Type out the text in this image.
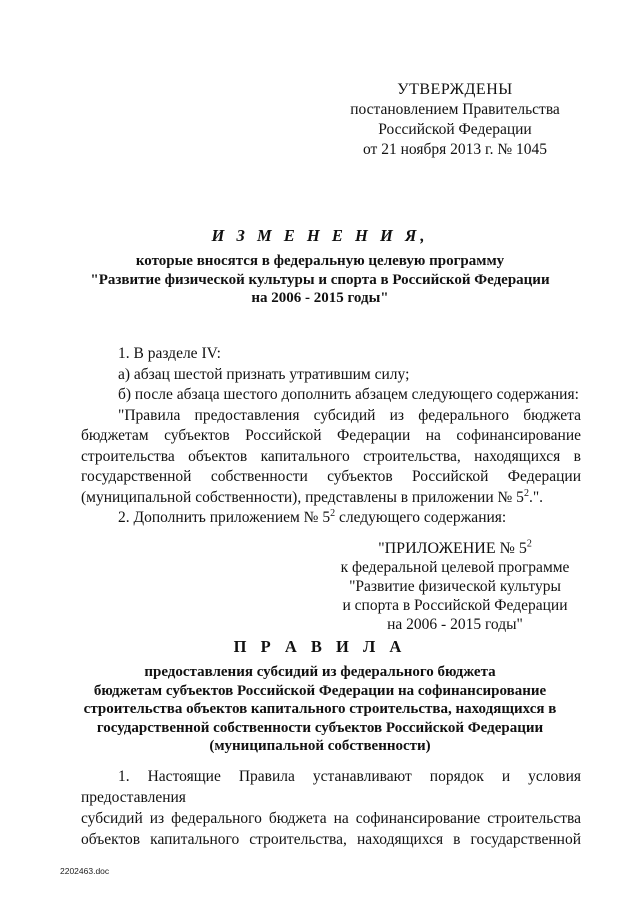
УТВЕРЖДЕНЫ
постановлением Правительства
Российской Федерации
от 21 ноября 2013 г. № 1045
И З М Е Н Е Н И Я,
которые вносятся в федеральную целевую программу
"Развитие физической культуры и спорта в Российской Федерации
на 2006 - 2015 годы"

1. В разделе IV:

а) абзац шестой признать утратившим силу;

б) после абзаца шестого дополнить абзацем следующего содержания:

"Правила предоставления субсидий из федерального бюджета

бюджетам субъектов Российской Федерации на софинансирование

строительства объектов капитального строительства, находящихся в

государственной собственности субъектов Российской Федерации

(муниципальной собственности), представлены в приложении № $5^2$.".

2. Дополнить приложением № $5^2$ следующего содержания:

"ПРИЛОЖЕНИЕ № $5^2$
к федеральной целевой программе
"Развитие физической культуры
и спорта в Российской Федерации
на 2006 - 2015 годы"
П Р А В И Л А
предоставления субсидий из федерального бюджета
бюджетам субъектов Российской Федерации на софинансирование
строительства объектов капитального строительства, находящихся в
государственной собственности субъектов Российской Федерации
(муниципальной собственности)

1. Настоящие Правила устанавливают порядок и условия предоставления

субсидий из федерального бюджета на софинансирование строительства

объектов капитального строительства, находящихся в государственной

2202463.doc
